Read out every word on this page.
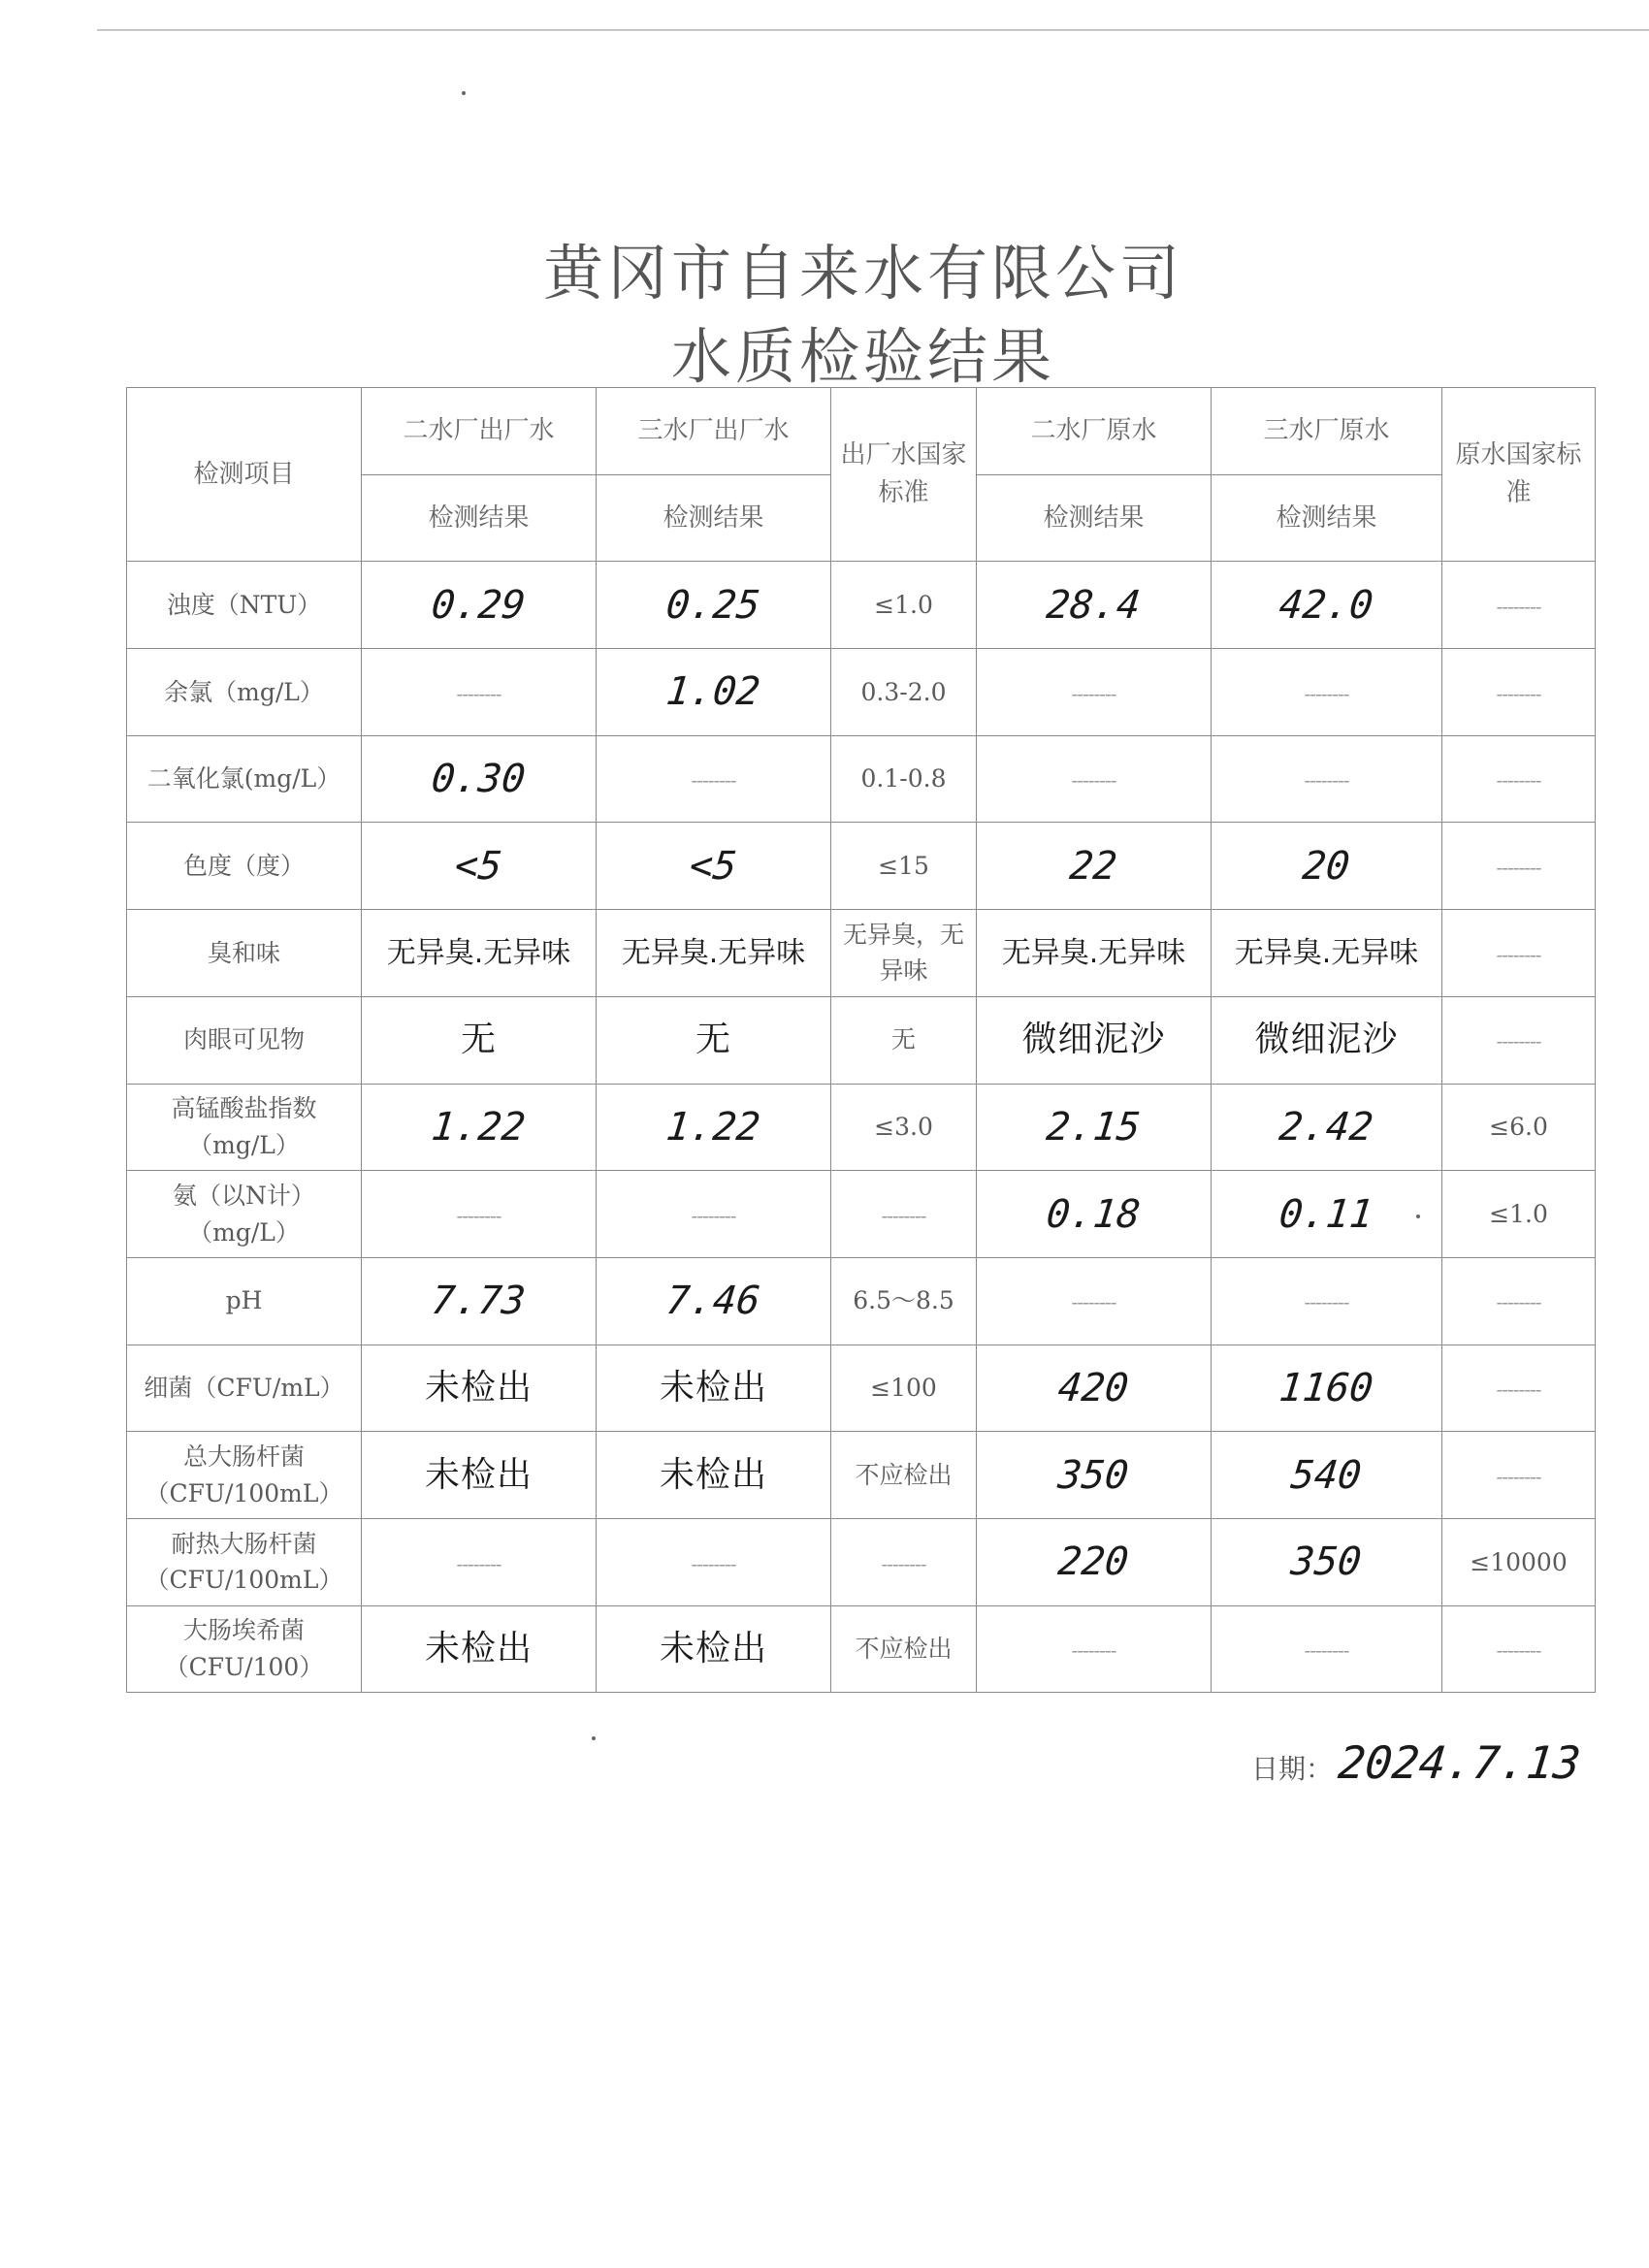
黄冈市自来水有限公司
水质检验结果
检测项目	二水厂出厂水	三水厂出厂水	出厂水国家标准	二水厂原水	三水厂原水	原水国家标准
	检测结果	检测结果		检测结果	检测结果	
浊度（NTU）	0.29	0.25	≤1.0	28.4	42.0	--------
余氯（mg/L）	--------	1.02	0.3-2.0	--------	--------	--------
二氧化氯(mg/L）	0.30	--------	0.1-0.8	--------	--------	--------
色度（度）	<5	<5	≤15	22	20	--------
臭和味	无异臭.无异味	无异臭.无异味	无异臭，无异味	无异臭.无异味	无异臭.无异味	--------
肉眼可见物	无	无	无	微细泥沙	微细泥沙	--------
高锰酸盐指数（mg/L）	1.22	1.22	≤3.0	2.15	2.42	≤6.0
氨（以N计）（mg/L）	--------	--------	--------	0.18	0.11	≤1.0
pH	7.73	7.46	6.5～8.5	--------	--------	--------
细菌（CFU/mL）	未检出	未检出	≤100	420	1160	--------
总大肠杆菌（CFU/100mL）	未检出	未检出	不应检出	350	540	--------
耐热大肠杆菌（CFU/100mL）	--------	--------	--------	220	350	≤10000
大肠埃希菌（CFU/100）	未检出	未检出	不应检出	--------	--------	--------
日期：2024.7.13
